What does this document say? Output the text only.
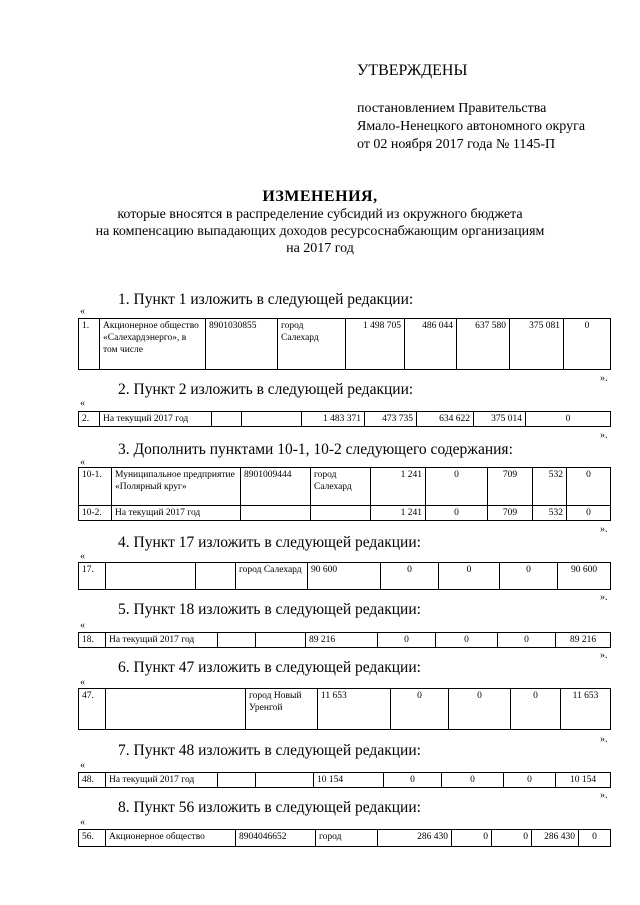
УТВЕРЖДЕНЫ
постановлением Правительства
Ямало-Ненецкого автономного округа
от 02 ноября 2017 года № 1145-П
ИЗМЕНЕНИЯ,
которые вносятся в распределение субсидий из окружного бюджета
на компенсацию выпадающих доходов ресурсоснабжающим организациям
на 2017 год
1. Пункт 1 изложить в следующей редакции:
«
1.	Акционерное общество «Салехардэнерго», в том числе	8901030855	город Салехард	1 498 705	486 044	637 580	375 081	0
».
2. Пункт 2 изложить в следующей редакции:
«
2.	На текущий 2017 год			1 483 371	473 735	634 622	375 014	0
».
3. Дополнить пунктами 10-1, 10-2 следующего содержания:
«
10-1.	Муниципальное предприятие «Полярный круг»	8901009444	город Салехард	1 241	0	709	532	0
10-2.	На текущий 2017 год			1 241	0	709	532	0
».
4. Пункт 17 изложить в следующей редакции:
«
17.			город Салехард	90 600	0	0	0	90 600
».
5. Пункт 18 изложить в следующей редакции:
«
18.	На текущий 2017 год			89 216	0	0	0	89 216
».
6. Пункт 47 изложить в следующей редакции:
«
47.		город Новый Уренгой	11 653	0	0	0	11 653
».
7. Пункт 48 изложить в следующей редакции:
«
48.	На текущий 2017 год			10 154	0	0	0	10 154
».
8. Пункт 56 изложить в следующей редакции:
«
56.	Акционерное общество	8904046652	город	286 430	0	0	286 430	0
